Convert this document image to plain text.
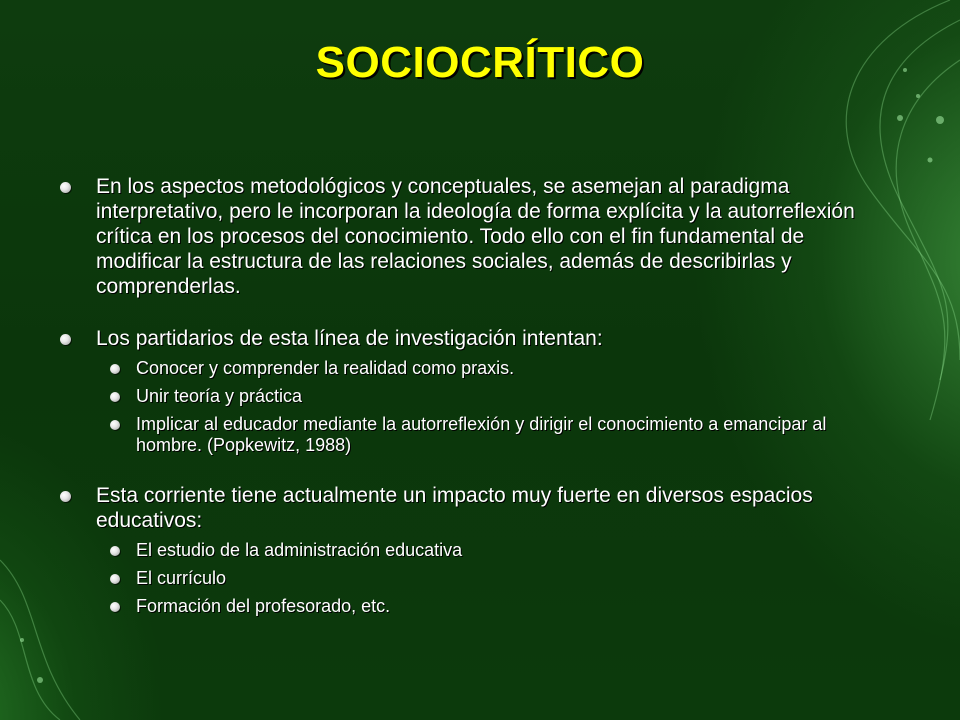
SOCIOCRÍTICO
En los aspectos metodológicos y conceptuales, se asemejan al paradigma interpretativo, pero le incorporan la ideología de forma explícita y la autorreflexión crítica en los procesos del conocimiento. Todo ello con el fin fundamental de modificar la estructura de las relaciones sociales, además de describirlas y comprenderlas.
Los partidarios de esta línea de investigación intentan:
Conocer y comprender la realidad como praxis.
Unir teoría y práctica
Implicar al educador mediante la autorreflexión y dirigir el conocimiento a emancipar al hombre. (Popkewitz, 1988)
Esta corriente tiene actualmente un impacto muy fuerte en diversos espacios educativos:
El estudio de la administración educativa
El currículo
Formación del profesorado, etc.
